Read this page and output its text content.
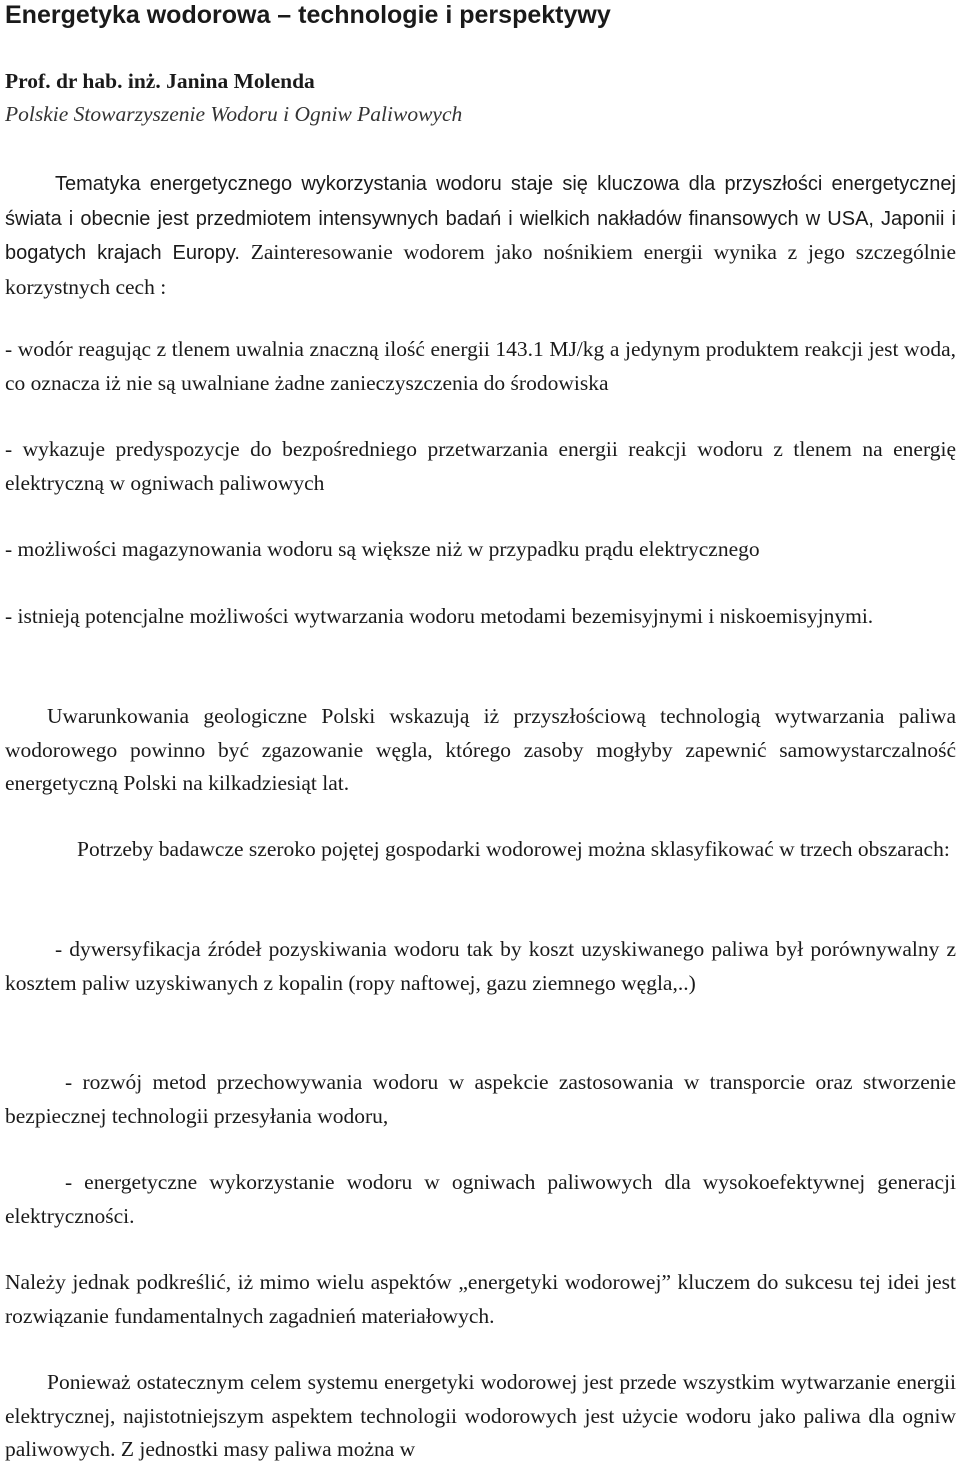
Energetyka wodorowa – technologie i perspektywy

Prof. dr hab. inż. Janina Molenda

Polskie Stowarzyszenie Wodoru i Ogniw Paliwowych

Tematyka energetycznego wykorzystania wodoru staje się kluczowa dla przyszłości energetycznej świata i obecnie jest przedmiotem intensywnych badań i wielkich nakładów finansowych w USA, Japonii i bogatych krajach Europy. Zainteresowanie wodorem jako nośnikiem energii wynika z jego szczególnie korzystnych cech :

- wodór reagując z tlenem uwalnia znaczną ilość energii 143.1 MJ/kg a jedynym produktem reakcji jest woda, co oznacza iż nie są uwalniane żadne zanieczyszczenia do środowiska

- wykazuje predyspozycje do bezpośredniego przetwarzania energii reakcji wodoru z tlenem na energię elektryczną w ogniwach paliwowych

- możliwości magazynowania wodoru są większe niż w przypadku prądu elektrycznego

- istnieją potencjalne możliwości wytwarzania wodoru metodami bezemisyjnymi i niskoemisyjnymi.

Uwarunkowania geologiczne Polski wskazują iż przyszłościową technologią wytwarzania paliwa wodorowego powinno być zgazowanie węgla, którego zasoby mogłyby zapewnić samowystarczalność energetyczną Polski na kilkadziesiąt lat.

Potrzeby badawcze szeroko pojętej gospodarki wodorowej można sklasyfikować w trzech obszarach:

- dywersyfikacja źródeł pozyskiwania wodoru tak by koszt uzyskiwanego paliwa był porównywalny z kosztem paliw uzyskiwanych z kopalin (ropy naftowej, gazu ziemnego węgla,..)

- rozwój metod przechowywania wodoru w aspekcie zastosowania w transporcie oraz stworzenie bezpiecznej technologii przesyłania wodoru,

- energetyczne wykorzystanie wodoru w ogniwach paliwowych dla wysokoefektywnej generacji elektryczności.

Należy jednak podkreślić, iż mimo wielu aspektów „energetyki wodorowej” kluczem do sukcesu tej idei jest rozwiązanie fundamentalnych zagadnień materiałowych.

Ponieważ ostatecznym celem systemu energetyki wodorowej jest przede wszystkim wytwarzanie energii elektrycznej, najistotniejszym aspektem technologii wodorowych jest użycie wodoru jako paliwa dla ogniw paliwowych. Z jednostki masy paliwa można w
